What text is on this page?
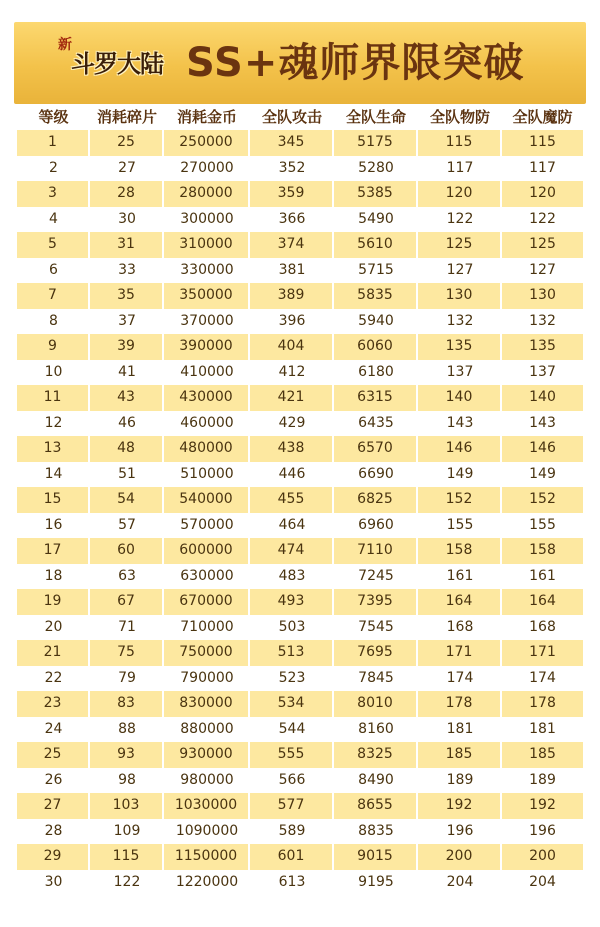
新
斗罗大陆 SS+魂师界限突破
等级	消耗碎片	消耗金币	全队攻击	全队生命	全队物防	全队魔防
1	25	250000	345	5175	115	115
2	27	270000	352	5280	117	117
3	28	280000	359	5385	120	120
4	30	300000	366	5490	122	122
5	31	310000	374	5610	125	125
6	33	330000	381	5715	127	127
7	35	350000	389	5835	130	130
8	37	370000	396	5940	132	132
9	39	390000	404	6060	135	135
10	41	410000	412	6180	137	137
11	43	430000	421	6315	140	140
12	46	460000	429	6435	143	143
13	48	480000	438	6570	146	146
14	51	510000	446	6690	149	149
15	54	540000	455	6825	152	152
16	57	570000	464	6960	155	155
17	60	600000	474	7110	158	158
18	63	630000	483	7245	161	161
19	67	670000	493	7395	164	164
20	71	710000	503	7545	168	168
21	75	750000	513	7695	171	171
22	79	790000	523	7845	174	174
23	83	830000	534	8010	178	178
24	88	880000	544	8160	181	181
25	93	930000	555	8325	185	185
26	98	980000	566	8490	189	189
27	103	1030000	577	8655	192	192
28	109	1090000	589	8835	196	196
29	115	1150000	601	9015	200	200
30	122	1220000	613	9195	204	204
